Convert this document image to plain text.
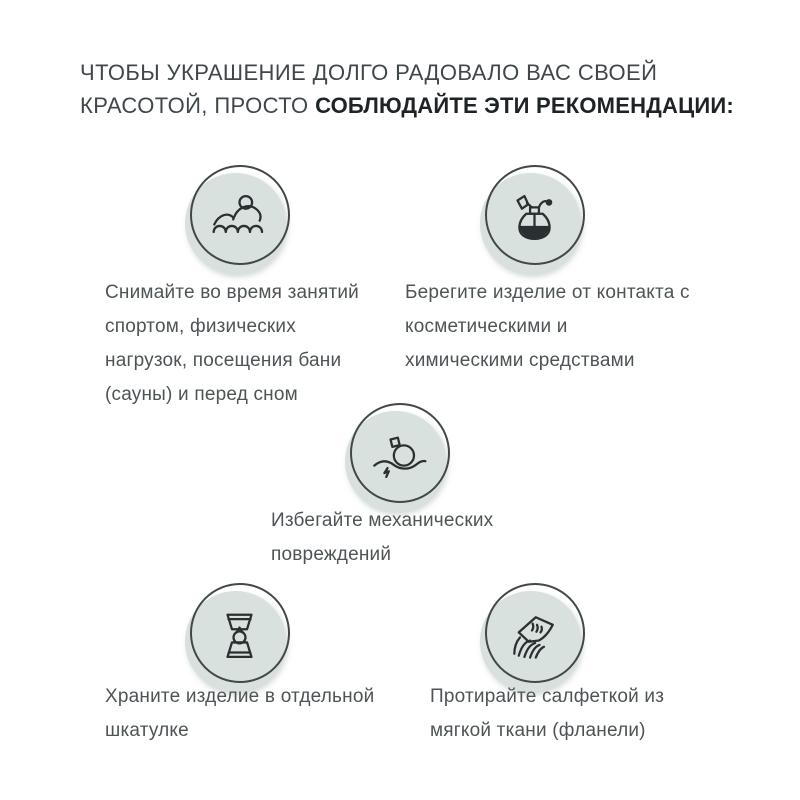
ЧТОБЫ УКРАШЕНИЕ ДОЛГО РАДОВАЛО ВАС СВОЕЙ
КРАСОТОЙ, ПРОСТО СОБЛЮДАЙТЕ ЭТИ РЕКОМЕНДАЦИИ:

Снимайте во время занятий спортом, физических нагрузок, посещения бани (сауны) и перед сном

Берегите изделие от контакта с косметическими и химическими средствами

Избегайте механических повреждений

Храните изделие в отдельной шкатулке

Протирайте салфеткой из мягкой ткани (фланели)
